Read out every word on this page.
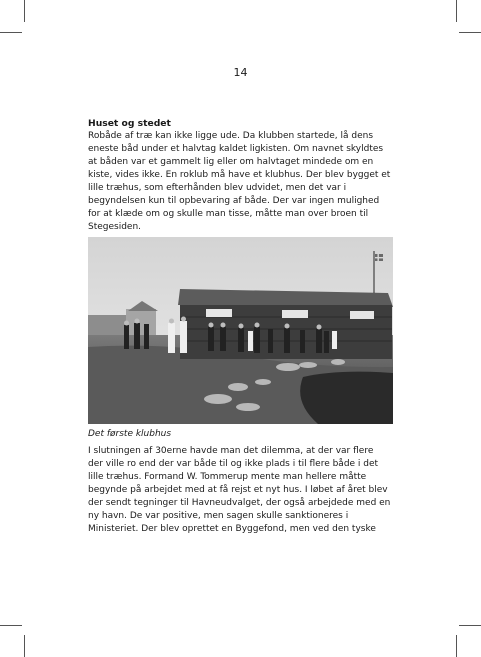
14
Huset og stedet

Robåde af træ kan ikke ligge ude. Da klubben startede, lå dens
eneste båd under et halvtag kaldet ligkisten. Om navnet skyldtes
at båden var et gammelt lig eller om halvtaget mindede om en
kiste, vides ikke. En roklub må have et klubhus. Der blev bygget et
lille træhus, som efterhånden blev udvidet, men det var i
begyndelsen kun til opbevaring af både. Der var ingen mulighed
for at klæde om og skulle man tisse, måtte man over broen til
Stegesiden.

Det første klubhus

I slutningen af 30erne havde man det dilemma, at der var flere
der ville ro end der var både til og ikke plads i til flere både i det
lille træhus. Formand W. Tommerup mente man hellere måtte
begynde på arbejdet med at få rejst et nyt hus. I løbet af året blev
der sendt tegninger til Havneudvalget, der også arbejdede med en
ny havn. De var positive, men sagen skulle sanktioneres i
Ministeriet. Der blev oprettet en Byggefond, men ved den tyske
